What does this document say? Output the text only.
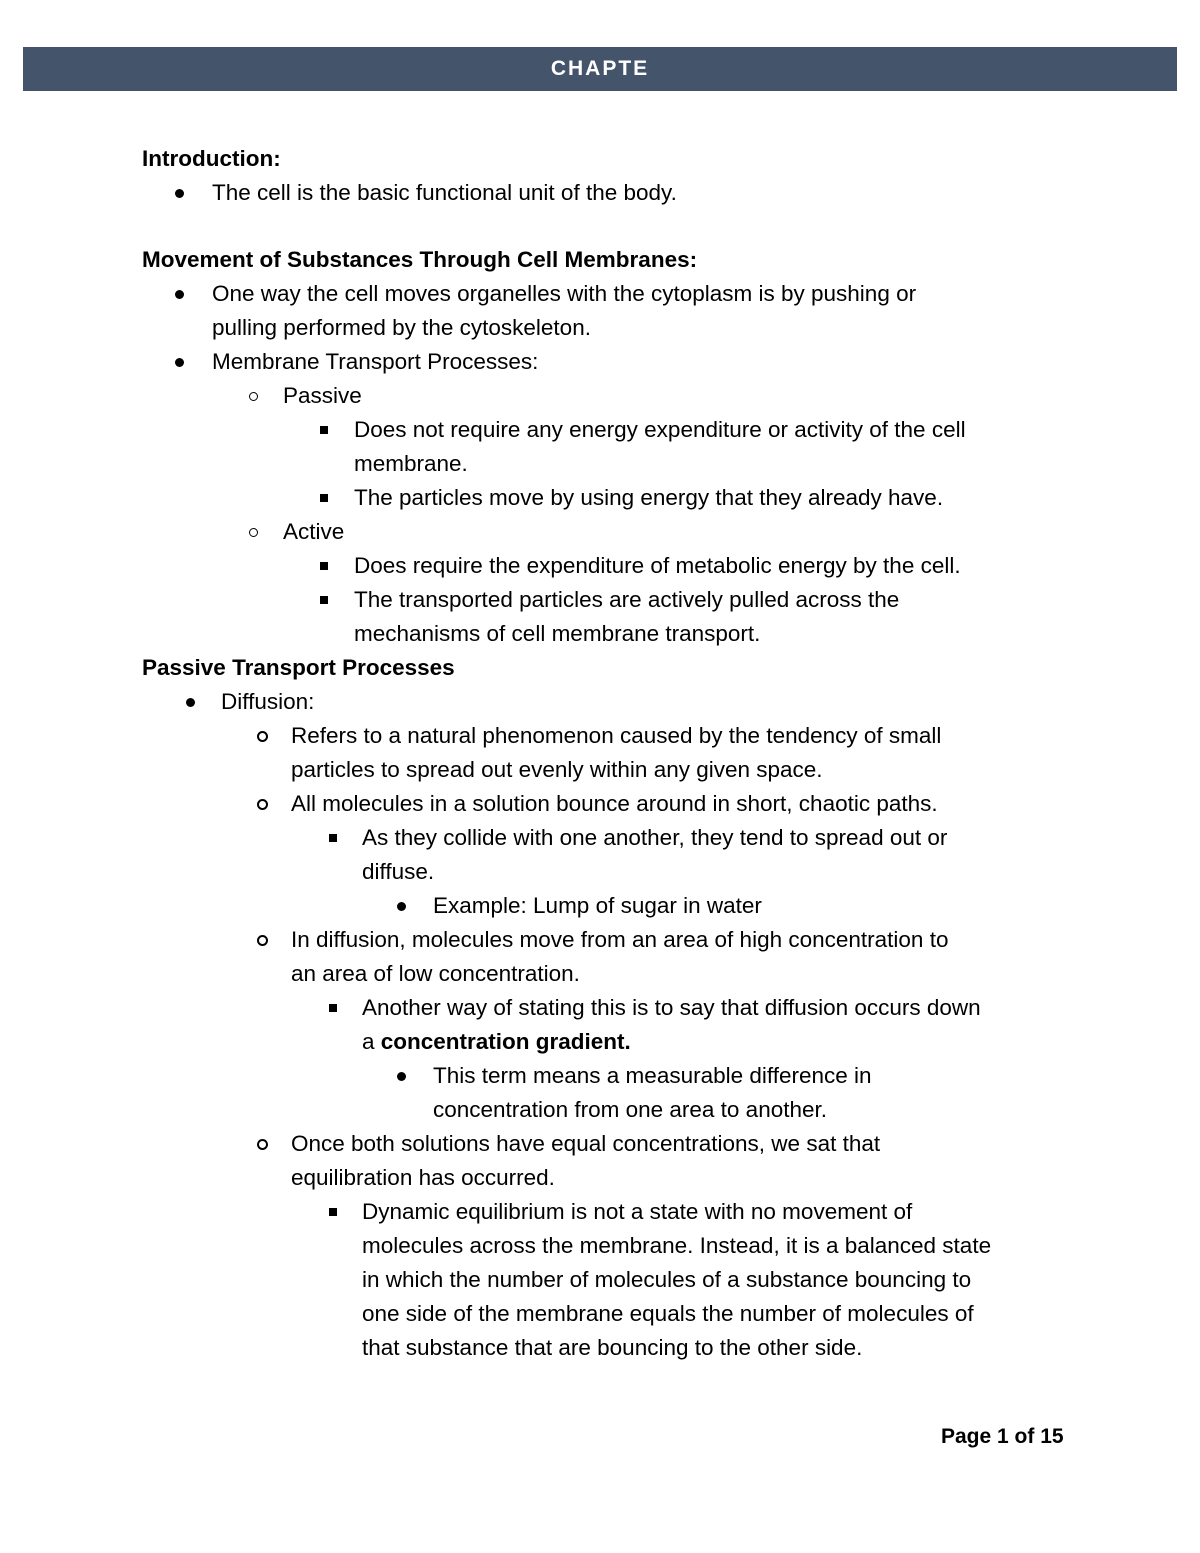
CHAPTE
Introduction:
The cell is the basic functional unit of the body.
Movement of Substances Through Cell Membranes:
One way the cell moves organelles with the cytoplasm is by pushing or
pulling performed by the cytoskeleton.
Membrane Transport Processes:
Passive
Does not require any energy expenditure or activity of the cell
membrane.
The particles move by using energy that they already have.
Active
Does require the expenditure of metabolic energy by the cell.
The transported particles are actively pulled across the
mechanisms of cell membrane transport.
Passive Transport Processes
Diffusion:
Refers to a natural phenomenon caused by the tendency of small
particles to spread out evenly within any given space.
All molecules in a solution bounce around in short, chaotic paths.
As they collide with one another, they tend to spread out or
diffuse.
Example: Lump of sugar in water
In diffusion, molecules move from an area of high concentration to
an area of low concentration.
Another way of stating this is to say that diffusion occurs down
a concentration gradient.
This term means a measurable difference in
concentration from one area to another.
Once both solutions have equal concentrations, we sat that
equilibration has occurred.
Dynamic equilibrium is not a state with no movement of
molecules across the membrane. Instead, it is a balanced state
in which the number of molecules of a substance bouncing to
one side of the membrane equals the number of molecules of
that substance that are bouncing to the other side.
Page 1 of 15
